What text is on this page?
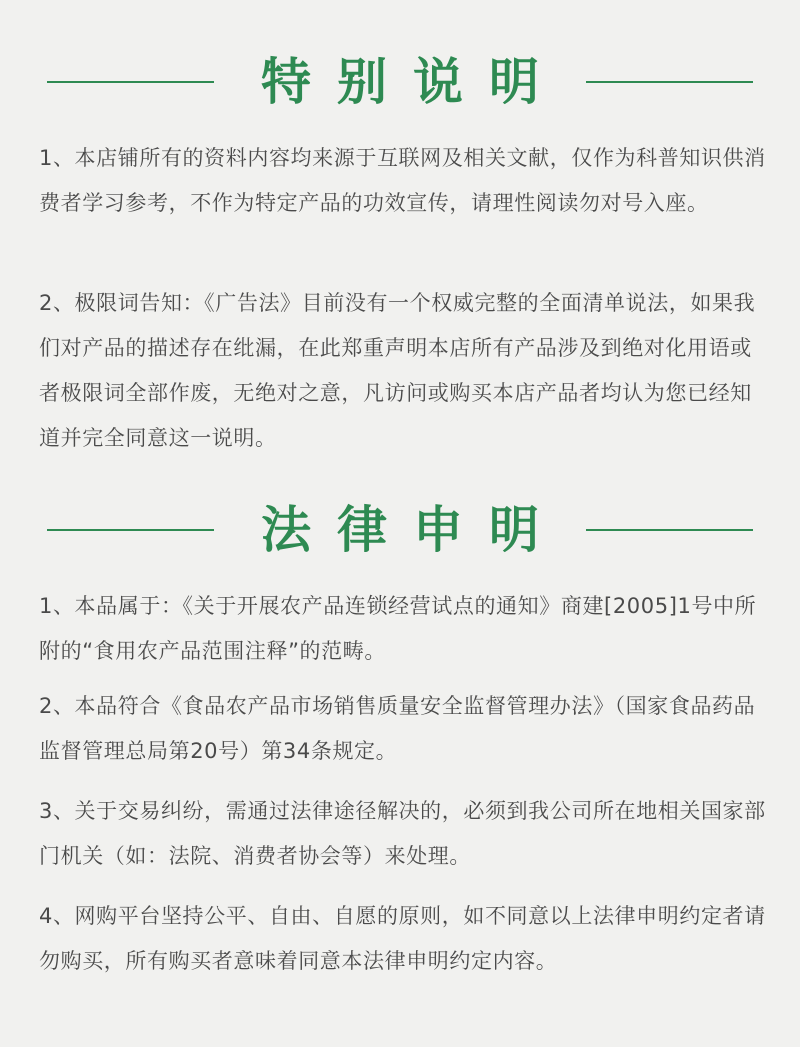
特别说明

1、本店铺所有的资料内容均来源于互联网及相关文献，仅作为科普知识供消费者学习参考，不作为特定产品的功效宣传，请理性阅读勿对号入座。

2、极限词告知：《广告法》目前没有一个权威完整的全面清单说法，如果我们对产品的描述存在纰漏，在此郑重声明本店所有产品涉及到绝对化用语或者极限词全部作废，无绝对之意，凡访问或购买本店产品者均认为您已经知道并完全同意这一说明。

法律申明

1、本品属于：《关于开展农产品连锁经营试点的通知》商建[2005]1号中所附的“食用农产品范围注释”的范畴。

2、本品符合《食品农产品市场销售质量安全监督管理办法》（国家食品药品监督管理总局第20号）第34条规定。

3、关于交易纠纷，需通过法律途径解决的，必须到我公司所在地相关国家部门机关（如：法院、消费者协会等）来处理。

4、网购平台坚持公平、自由、自愿的原则，如不同意以上法律申明约定者请勿购买，所有购买者意味着同意本法律申明约定内容。
